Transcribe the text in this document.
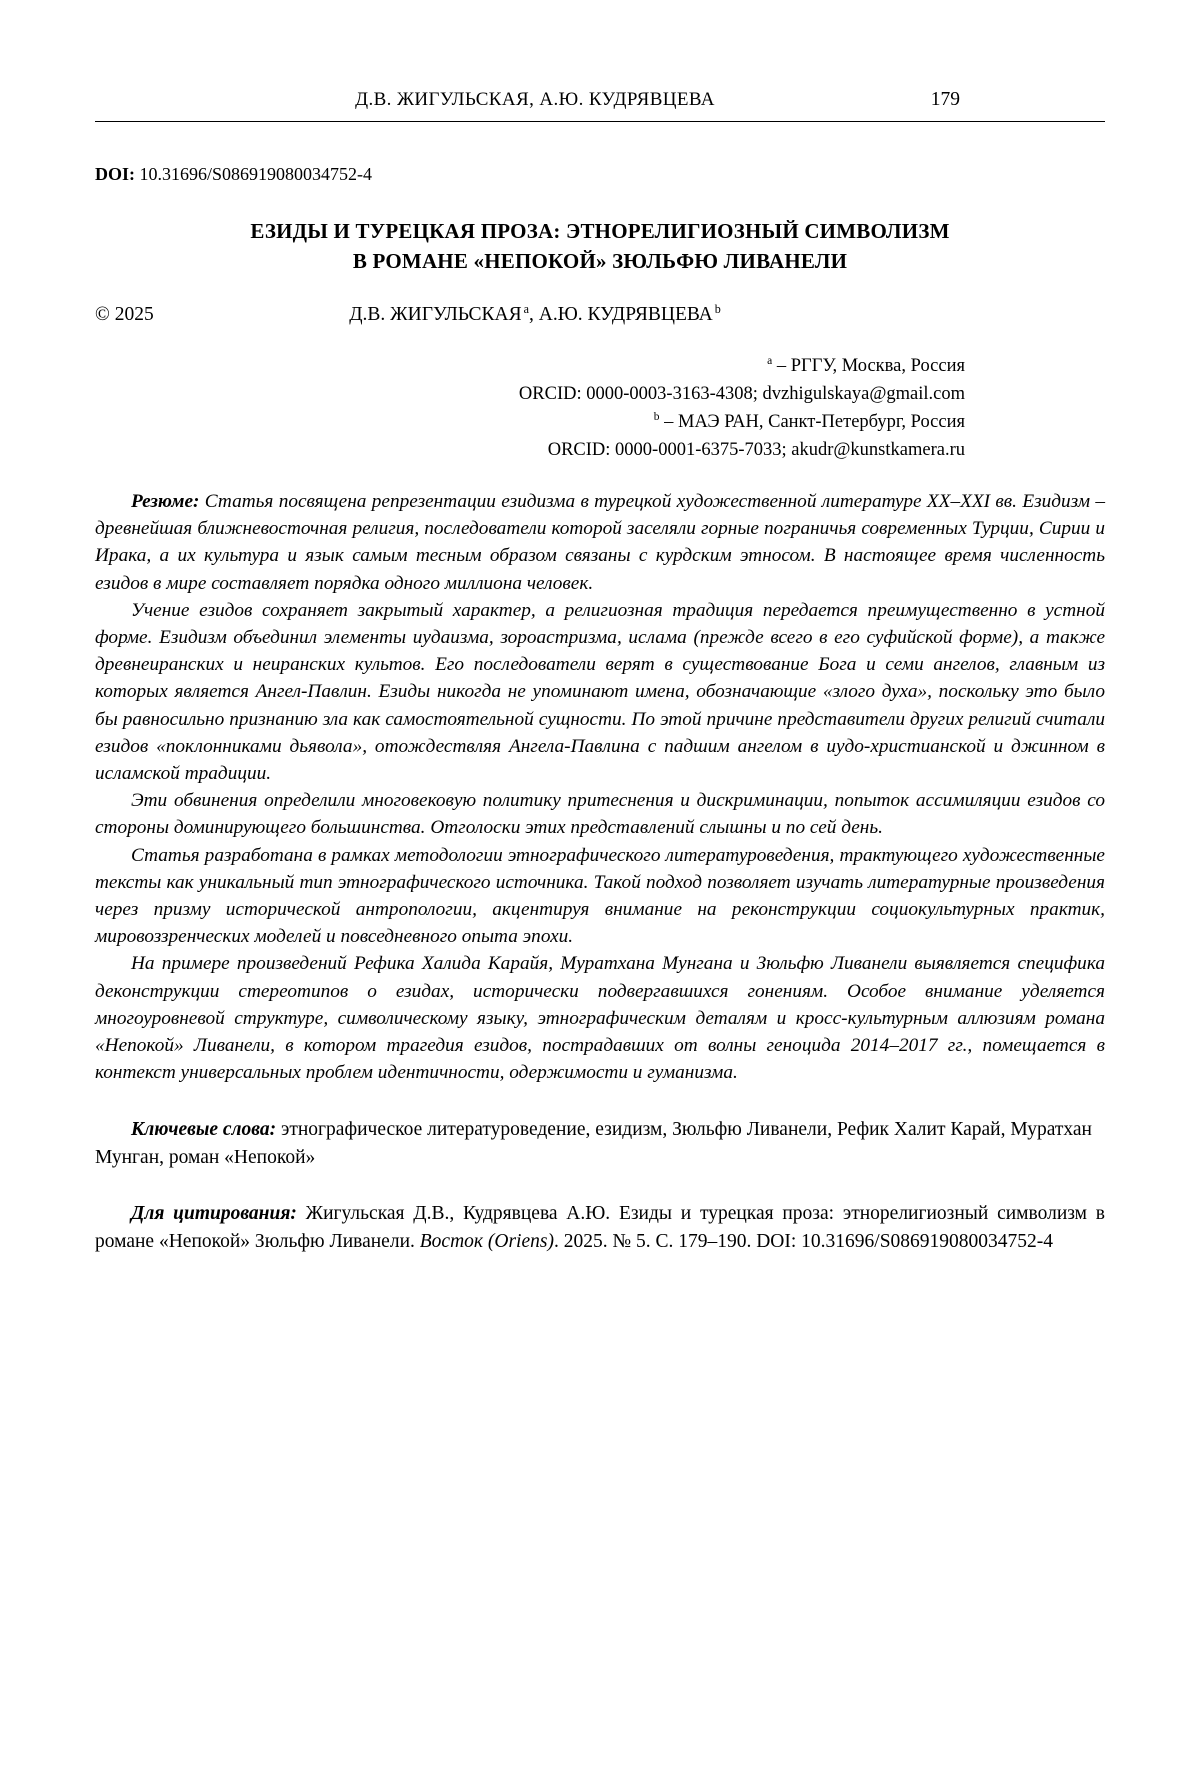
Д.В. ЖИГУЛЬСКАЯ, А.Ю. КУДРЯВЦЕВА	179

DOI: 10.31696/S086919080034752-4

ЕЗИДЫ И ТУРЕЦКАЯ ПРОЗА: ЭТНОРЕЛИГИОЗНЫЙ СИМВОЛИЗМ
В РОМАНЕ «НЕПОКОЙ» ЗЮЛЬФЮ ЛИВАНЕЛИ
© 2025	Д.В. ЖИГУЛЬСКАЯ $^a$, А.Ю. КУДРЯВЦЕВА $^b$
$^a$ – РГГУ, Москва, Россия
ORCID: 0000-0003-3163-4308; dvzhigulskaya@gmail.com
$^b$ – МАЭ РАН, Санкт-Петербург, Россия
ORCID: 0000-0001-6375-7033; akudr@kunstkamera.ru

Резюме: Статья посвящена репрезентации езидизма в турецкой художественной литературе XX–XXI вв. Езидизм – древнейшая ближневосточная религия, последователи которой заселяли горные пограничья современных Турции, Сирии и Ирака, а их культура и язык самым тесным образом связаны с курдским этносом. В настоящее время численность езидов в мире составляет порядка одного миллиона человек.

Учение езидов сохраняет закрытый характер, а религиозная традиция передается преимущественно в устной форме. Езидизм объединил элементы иудаизма, зороастризма, ислама (прежде всего в его суфийской форме), а также древнеиранских и неиранских культов. Его последователи верят в существование Бога и семи ангелов, главным из которых является Ангел-Павлин. Езиды никогда не упоминают имена, обозначающие «злого духа», поскольку это было бы равносильно признанию зла как самостоятельной сущности. По этой причине представители других религий считали езидов «поклонниками дьявола», отождествляя Ангела-Павлина с падшим ангелом в иудо-христианской и джинном в исламской традиции.

Эти обвинения определили многовековую политику притеснения и дискриминации, попыток ассимиляции езидов со стороны доминирующего большинства. Отголоски этих представлений слышны и по сей день.

Статья разработана в рамках методологии этнографического литературоведения, трактующего художественные тексты как уникальный тип этнографического источника. Такой подход позволяет изучать литературные произведения через призму исторической антропологии, акцентируя внимание на реконструкции социокультурных практик, мировоззренческих моделей и повседневного опыта эпохи.

На примере произведений Рефика Халида Карайя, Муратхана Мунгана и Зюльфю Ливанели выявляется специфика деконструкции стереотипов о езидах, исторически подвергавшихся гонениям. Особое внимание уделяется многоуровневой структуре, символическому языку, этнографическим деталям и кросс-культурным аллюзиям романа «Непокой» Ливанели, в котором трагедия езидов, пострадавших от волны геноцида 2014–2017 гг., помещается в контекст универсальных проблем идентичности, одержимости и гуманизма.

Ключевые слова: этнографическое литературоведение, езидизм, Зюльфю Ливанели, Рефик Халит Карай, Муратхан Мунган, роман «Непокой»

Для цитирования: Жигульская Д.В., Кудрявцева А.Ю. Езиды и турецкая проза: этнорелигиозный символизм в романе «Непокой» Зюльфю Ливанели. Восток (Oriens). 2025. № 5. С. 179–190. DOI: 10.31696/S086919080034752-4
